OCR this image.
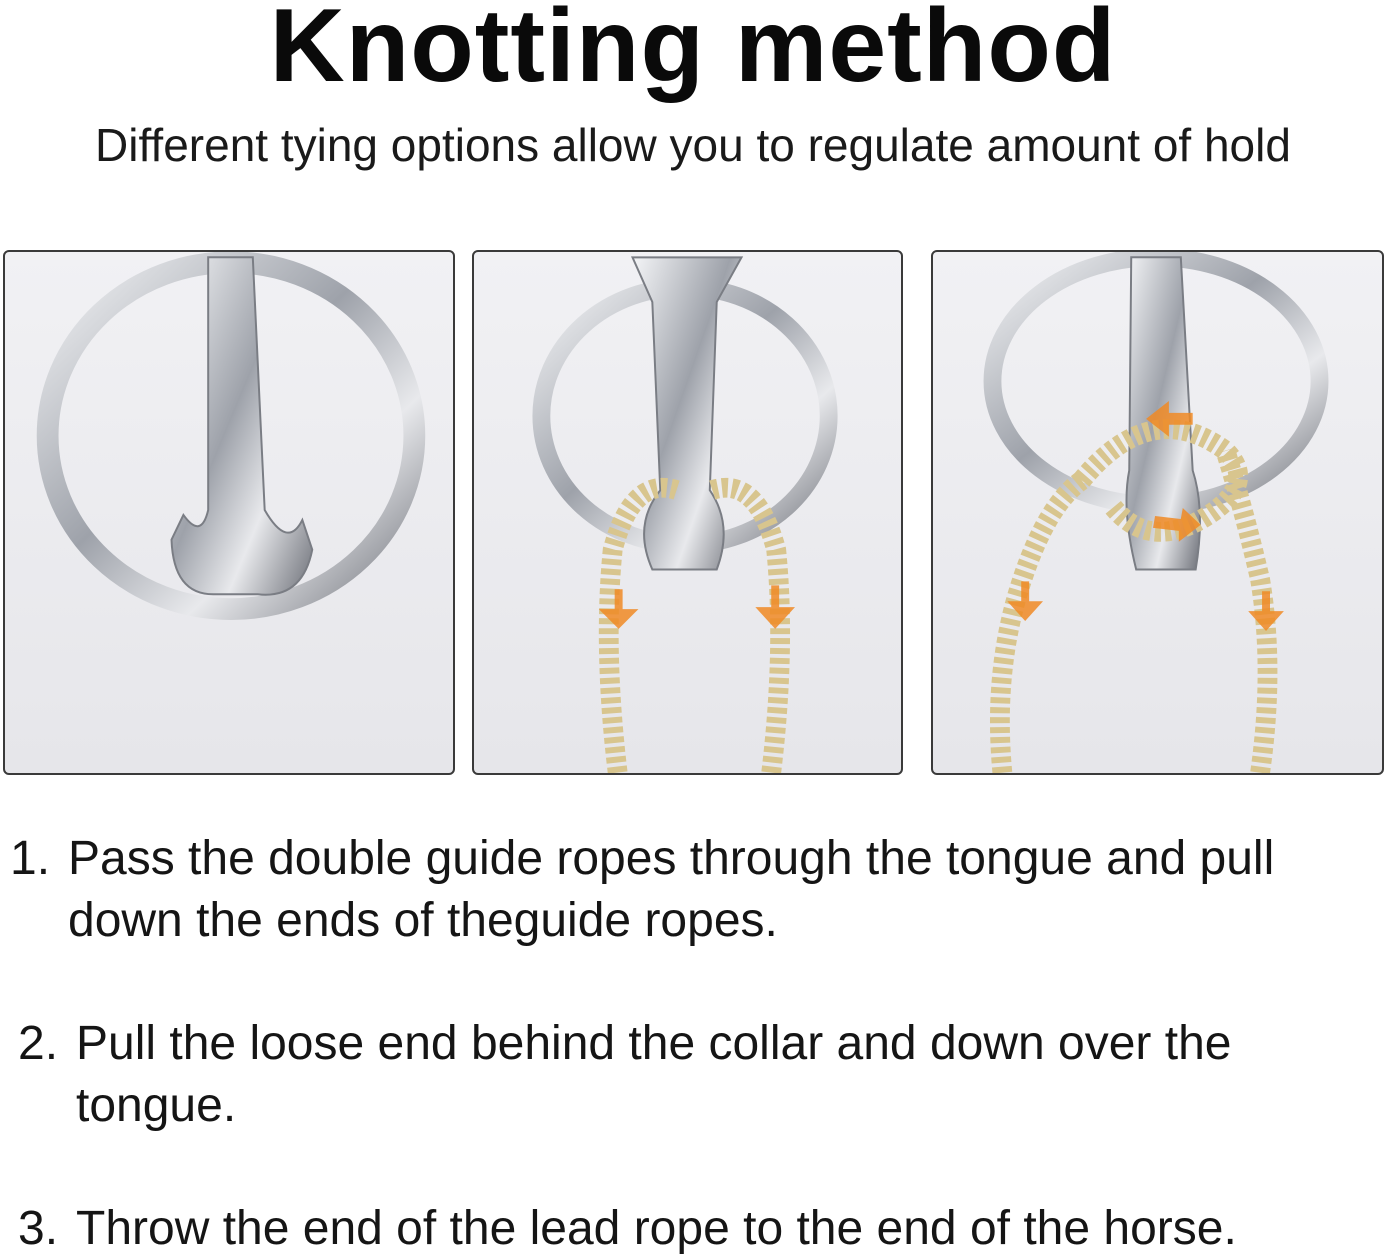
Knotting method
Different tying options allow you to regulate amount of hold
1. Pass the double guide ropes through the tongue and pull down the ends of theguide ropes.
2. Pull the loose end behind the collar and down over the tongue.
3. Throw the end of the lead rope to the end of the horse.
